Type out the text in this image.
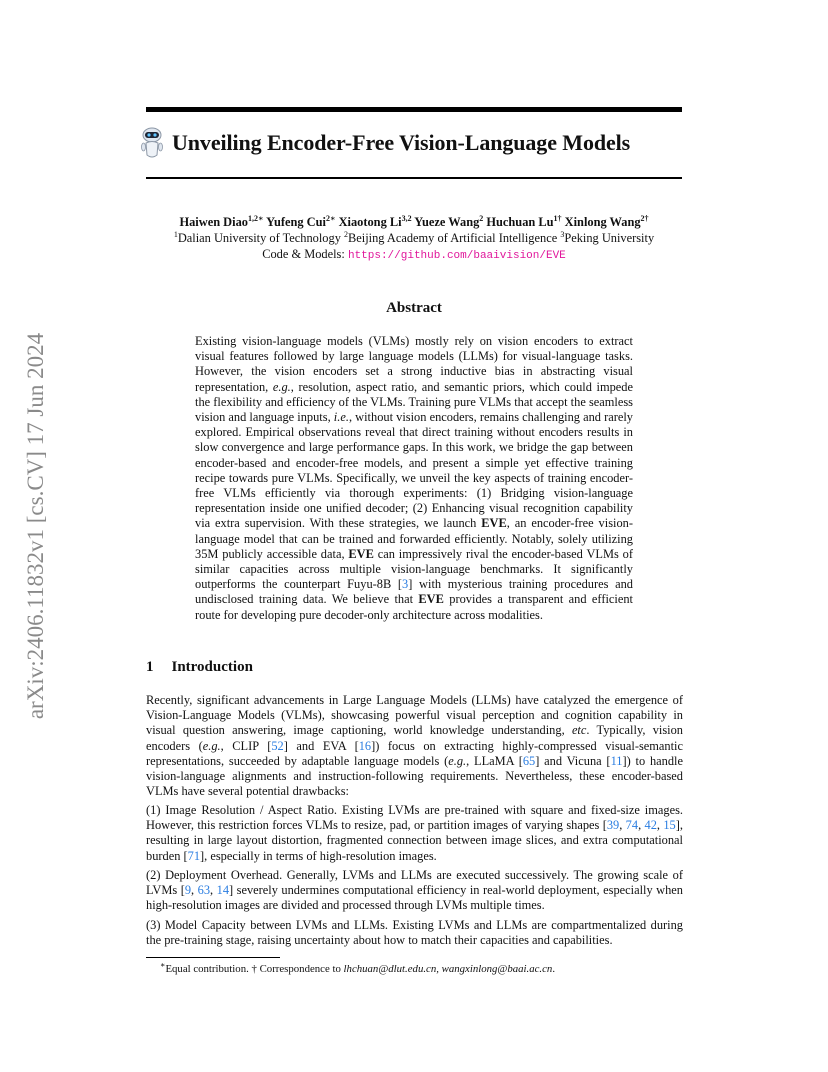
arXiv:2406.11832v1 [cs.CV] 17 Jun 2024
Unveiling Encoder-Free Vision-Language Models
Haiwen Diao$^{1,2∗}$ Yufeng Cui$^{2∗}$ Xiaotong Li$^{3,2}$ Yueze Wang$^2$ Huchuan $Lu^{1\dagger}$ Xinlong Wang$^{2\dagger}$
$^1$Dalian University of Technology $^2$Beijing Academy of Artificial Intelligence $^3$Peking University
Code & Models: https://github.com/baaivision/EVE
Abstract
Existing vision-language models (VLMs) mostly rely on vision encoders to extract visual features followed by large language models (LLMs) for visual-language tasks. However, the vision encoders set a strong inductive bias in abstracting visual representation, e.g., resolution, aspect ratio, and semantic priors, which could impede the flexibility and efficiency of the VLMs. Training pure VLMs that accept the seamless vision and language inputs, i.e., without vision encoders, remains challenging and rarely explored. Empirical observations reveal that direct training without encoders results in slow convergence and large performance gaps. In this work, we bridge the gap between encoder-based and encoder-free models, and present a simple yet effective training recipe towards pure VLMs. Specifically, we unveil the key aspects of training encoder-free VLMs efficiently via thorough experiments: (1) Bridging vision-language representation inside one unified decoder; (2) Enhancing visual recognition capability via extra supervision. With these strategies, we launch EVE, an encoder-free vision-language model that can be trained and forwarded efficiently. Notably, solely utilizing 35M publicly accessible data, EVE can impressively rival the encoder-based VLMs of similar capacities across multiple vision-language benchmarks. It significantly outperforms the counterpart Fuyu-8B [3] with mysterious training procedures and undisclosed training data. We believe that EVE provides a transparent and efficient route for developing pure decoder-only architecture across modalities.
1 Introduction
Recently, significant advancements in Large Language Models (LLMs) have catalyzed the emergence of Vision-Language Models (VLMs), showcasing powerful visual perception and cognition capability in visual question answering, image captioning, world knowledge understanding, etc. Typically, vision encoders (e.g., CLIP [52] and EVA [16]) focus on extracting highly-compressed visual-semantic representations, succeeded by adaptable language models (e.g., LLaMA [65] and Vicuna [11]) to handle vision-language alignments and instruction-following requirements. Nevertheless, these encoder-based VLMs have several potential drawbacks:
(1) Image Resolution / Aspect Ratio. Existing LVMs are pre-trained with square and fixed-size images. However, this restriction forces VLMs to resize, pad, or partition images of varying shapes [39, 74, 42, 15], resulting in large layout distortion, fragmented connection between image slices, and extra computational burden [71], especially in terms of high-resolution images.
(2) Deployment Overhead. Generally, LVMs and LLMs are executed successively. The growing scale of LVMs [9, 63, 14] severely undermines computational efficiency in real-world deployment, especially when high-resolution images are divided and processed through LVMs multiple times.
(3) Model Capacity between LVMs and LLMs. Existing LVMs and LLMs are compartmentalized during the pre-training stage, raising uncertainty about how to match their capacities and capabilities.
∗Equal contribution. † Correspondence to lhchuan@dlut.edu.cn, wangxinlong@baai.ac.cn.
